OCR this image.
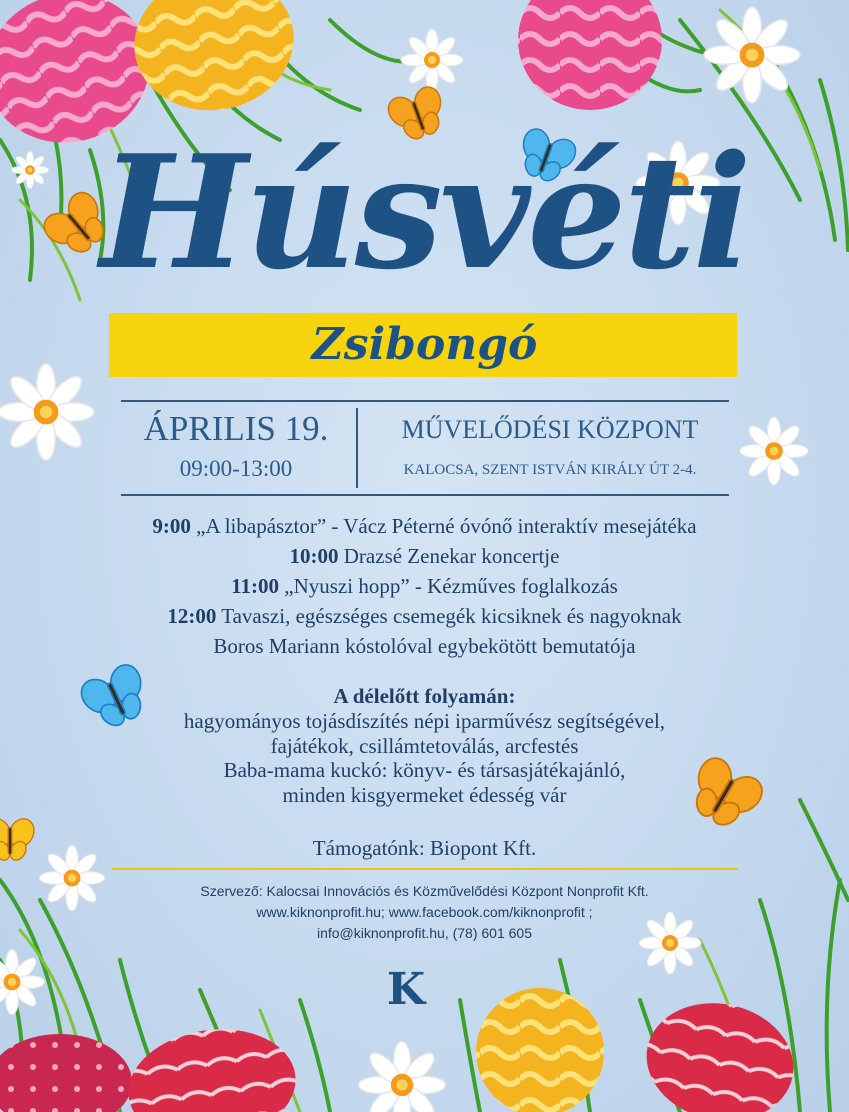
Húsvéti
Zsibongó
ÁPRILIS 19.
09:00-13:00
MŰVELŐDÉSI KÖZPONT
KALOCSA, SZENT ISTVÁN KIRÁLY ÚT 2-4.
9:00 „A libapásztor” - Vácz Péterné óvónő interaktív mesejátéka
10:00 Drazsé Zenekar koncertje
11:00 „Nyuszi hopp” - Kézműves foglalkozás
12:00 Tavaszi, egészséges csemegék kicsiknek és nagyoknak
Boros Mariann kóstolóval egybekötött bemutatója
A délelőtt folyamán:
hagyományos tojásdíszítés népi iparművész segítségével,
fajátékok, csillámtetoválás, arcfestés
Baba-mama kuckó: könyv- és társasjátékajánló,
minden kisgyermeket édesség vár
Támogatónk: Biopont Kft.
Szervező: Kalocsai Innovációs és Közművelődési Központ Nonprofit Kft.
www.kiknonprofit.hu; www.facebook.com/kiknonprofit ;
info@kiknonprofit.hu, (78) 601 605
K
